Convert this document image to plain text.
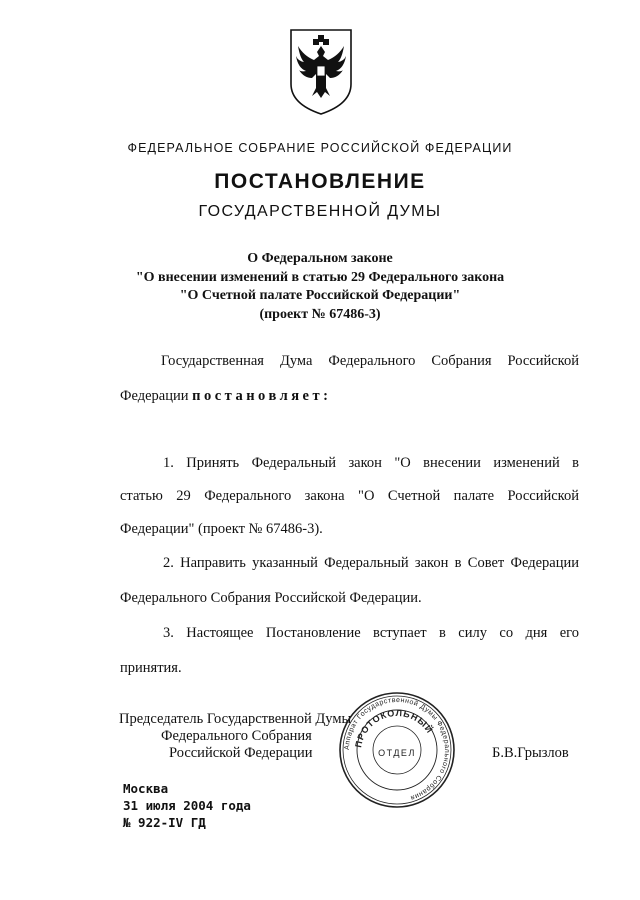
ФЕДЕРАЛЬНОЕ СОБРАНИЕ РОССИЙСКОЙ ФЕДЕРАЦИИ
ПОСТАНОВЛЕНИЕ
ГОСУДАРСТВЕННОЙ ДУМЫ
О Федеральном законе
"О внесении изменений в статью 29 Федерального закона
"О Счетной палате Российской Федерации"
(проект № 67486-3)
Государственная Дума Федерального Собрания Российской
Федерации постановляет:
1. Принять Федеральный закон "О внесении изменений в
статью 29 Федерального закона "О Счетной палате Российской
Федерации" (проект № 67486-3).
2. Направить указанный Федеральный закон в Совет Федерации
Федерального Собрания Российской Федерации.
3. Настоящее Постановление вступает в силу со дня его
принятия.
Председатель Государственной Думы
Федерального Собрания
Российской Федерации	Б.В.Грызлов
Аппарат Государственной Думы Федерального Собрания
ПРОТОКОЛЬНЫЙ
ОТДЕЛ
Москва
31 июля 2004 года
№ 922-IV ГД
